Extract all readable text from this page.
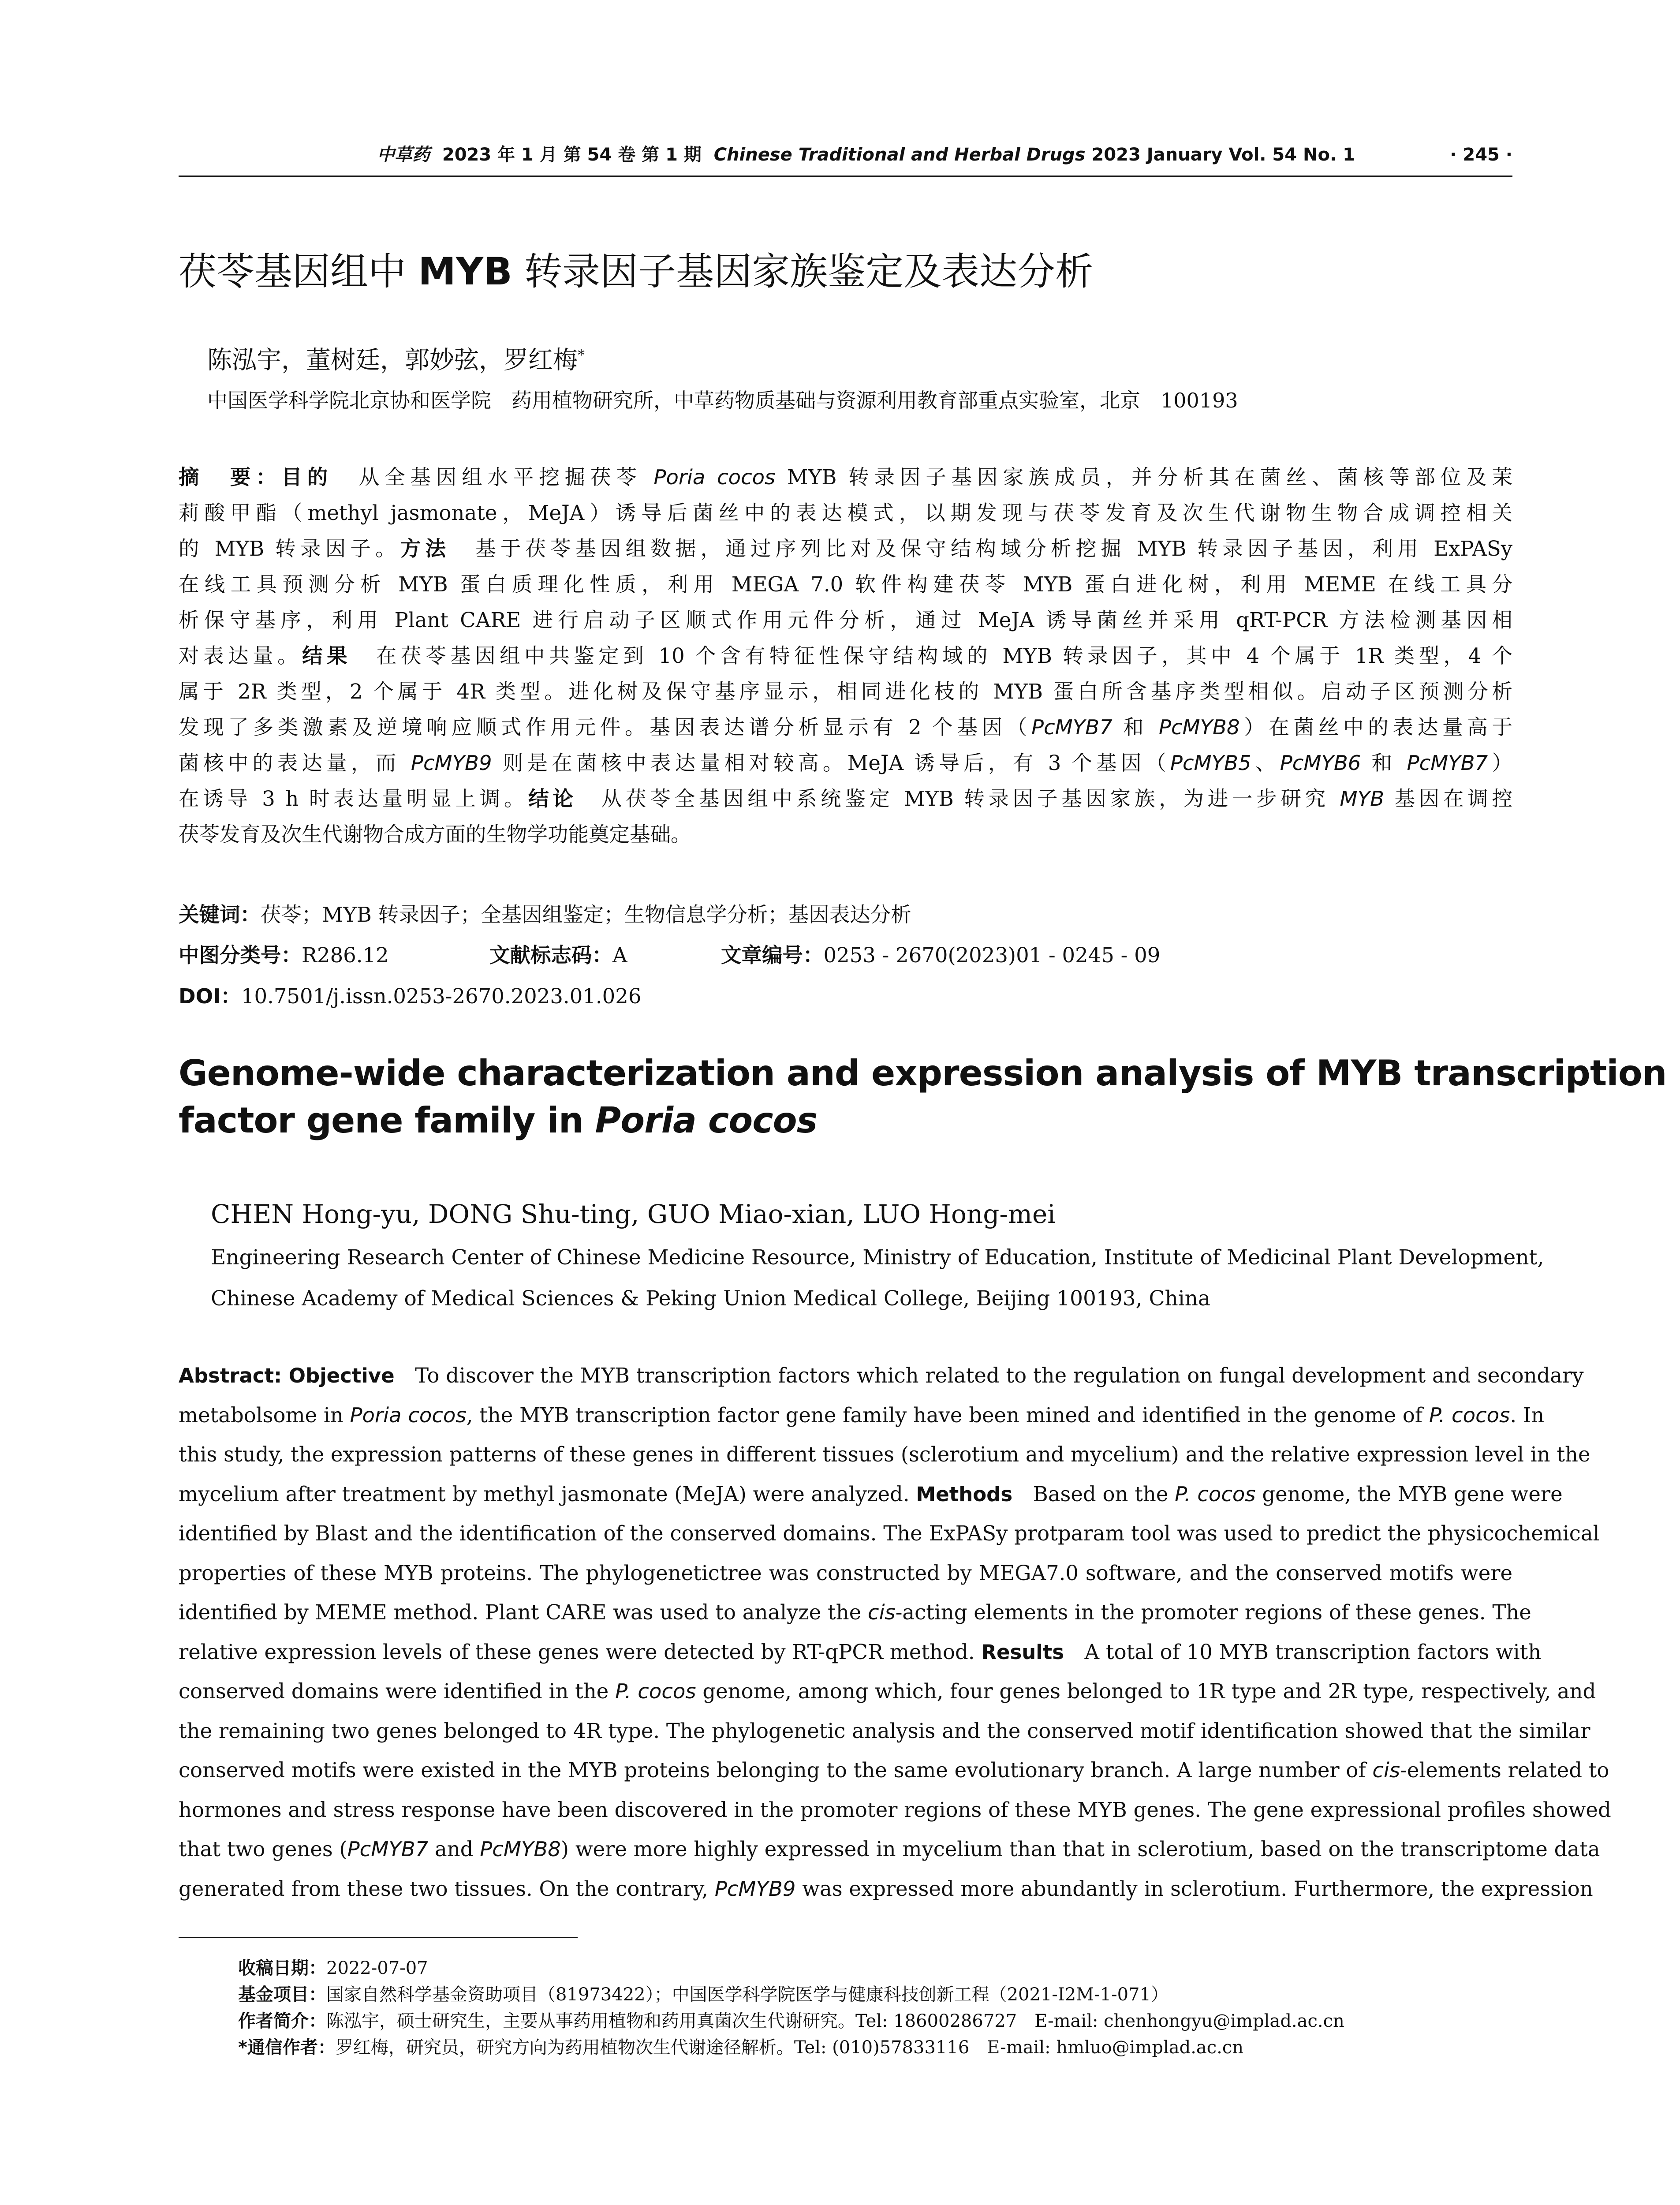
中草药 2023 年 1 月 第 54 卷 第 1 期 Chinese Traditional and Herbal Drugs 2023 January Vol. 54 No. 1	· 245 ·
茯苓基因组中 MYB 转录因子基因家族鉴定及表达分析
陈泓宇，董树廷，郭妙弦，罗红梅*
中国医学科学院北京协和医学院　药用植物研究所，中草药物质基础与资源利用教育部重点实验室，北京　100193
摘　要：目的　从全基因组水平挖掘茯苓 Poria cocos MYB 转录因子基因家族成员，并分析其在菌丝、菌核等部位及茉
莉酸甲酯（methyl jasmonate，MeJA）诱导后菌丝中的表达模式，以期发现与茯苓发育及次生代谢物生物合成调控相关
的 MYB 转录因子。方法　基于茯苓基因组数据，通过序列比对及保守结构域分析挖掘 MYB 转录因子基因，利用 ExPASy
在线工具预测分析 MYB 蛋白质理化性质，利用 MEGA 7.0 软件构建茯苓 MYB 蛋白进化树，利用 MEME 在线工具分
析保守基序，利用 Plant CARE 进行启动子区顺式作用元件分析，通过 MeJA 诱导菌丝并采用 qRT-PCR 方法检测基因相
对表达量。结果　在茯苓基因组中共鉴定到 10 个含有特征性保守结构域的 MYB 转录因子，其中 4 个属于 1R 类型，4 个
属于 2R 类型，2 个属于 4R 类型。进化树及保守基序显示，相同进化枝的 MYB 蛋白所含基序类型相似。启动子区预测分析
发现了多类激素及逆境响应顺式作用元件。基因表达谱分析显示有 2 个基因（PcMYB7 和 PcMYB8）在菌丝中的表达量高于
菌核中的表达量，而 PcMYB9 则是在菌核中表达量相对较高。MeJA 诱导后，有 3 个基因（PcMYB5、PcMYB6 和 PcMYB7）
在诱导 3 h 时表达量明显上调。结论　从茯苓全基因组中系统鉴定 MYB 转录因子基因家族，为进一步研究 MYB 基因在调控
茯苓发育及次生代谢物合成方面的生物学功能奠定基础。
关键词：茯苓；MYB 转录因子；全基因组鉴定；生物信息学分析；基因表达分析
中图分类号：R286.12	文献标志码：A	文章编号：0253 - 2670(2023)01 - 0245 - 09
DOI：10.7501/j.issn.0253-2670.2023.01.026
Genome-wide characterization and expression analysis of MYB transcription
factor gene family in Poria cocos
CHEN Hong-yu, DONG Shu-ting, GUO Miao-xian, LUO Hong-mei
Engineering Research Center of Chinese Medicine Resource, Ministry of Education, Institute of Medicinal Plant Development,
Chinese Academy of Medical Sciences & Peking Union Medical College, Beijing 100193, China
Abstract: Objective　To discover the MYB transcription factors which related to the regulation on fungal development and secondary
metabolsome in Poria cocos, the MYB transcription factor gene family have been mined and identified in the genome of P. cocos. In
this study, the expression patterns of these genes in different tissues (sclerotium and mycelium) and the relative expression level in the
mycelium after treatment by methyl jasmonate (MeJA) were analyzed. Methods　Based on the P. cocos genome, the MYB gene were
identified by Blast and the identification of the conserved domains. The ExPASy protparam tool was used to predict the physicochemical
properties of these MYB proteins. The phylogenetictree was constructed by MEGA7.0 software, and the conserved motifs were
identified by MEME method. Plant CARE was used to analyze the cis-acting elements in the promoter regions of these genes. The
relative expression levels of these genes were detected by RT-qPCR method. Results　A total of 10 MYB transcription factors with
conserved domains were identified in the P. cocos genome, among which, four genes belonged to 1R type and 2R type, respectively, and
the remaining two genes belonged to 4R type. The phylogenetic analysis and the conserved motif identification showed that the similar
conserved motifs were existed in the MYB proteins belonging to the same evolutionary branch. A large number of cis-elements related to
hormones and stress response have been discovered in the promoter regions of these MYB genes. The gene expressional profiles showed
that two genes (PcMYB7 and PcMYB8) were more highly expressed in mycelium than that in sclerotium, based on the transcriptome data
generated from these two tissues. On the contrary, PcMYB9 was expressed more abundantly in sclerotium. Furthermore, the expression
收稿日期：2022-07-07
基金项目：国家自然科学基金资助项目（81973422）；中国医学科学院医学与健康科技创新工程（2021-I2M-1-071）
作者简介：陈泓宇，硕士研究生，主要从事药用植物和药用真菌次生代谢研究。Tel: 18600286727　E-mail: chenhongyu@implad.ac.cn
*通信作者：罗红梅，研究员，研究方向为药用植物次生代谢途径解析。Tel: (010)57833116　E-mail: hmluo@implad.ac.cn
